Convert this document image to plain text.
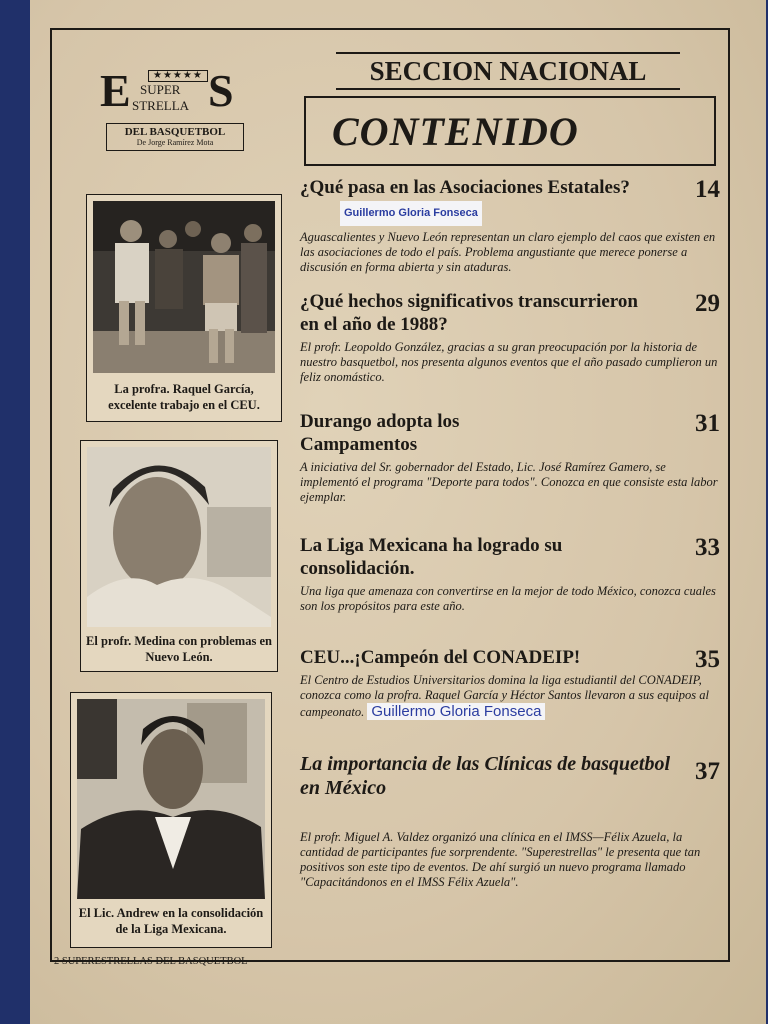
E	★★★★★
SUPER
STRELLA S
DEL BASQUETBOL
De Jorge Ramírez Mota
SECCION NACIONAL
CONTENIDO
La profra. Raquel García, excelente trabajo en el CEU.
El profr. Medina con problemas en Nuevo León.
El Lic. Andrew en la consolidación de la Liga Mexicana.
14
¿Qué pasa en las Asociaciones Estatales? Guillermo Gloria Fonseca

Aguascalientes y Nuevo León representan un claro ejemplo del caos que existen en las asociaciones de todo el país. Problema angustiante que merece ponerse a discusión en forma abierta y sin ataduras.

29
¿Qué hechos significativos transcurrieron en el año de 1988?

El profr. Leopoldo González, gracias a su gran preocupación por la historia de nuestro basquetbol, nos presenta algunos eventos que el año pasado cumplieron un feliz onomástico.

31
Durango adopta los Campamentos

A iniciativa del Sr. gobernador del Estado, Lic. José Ramírez Gamero, se implementó el programa "Deporte para todos". Conozca en que consiste esta labor ejemplar.

33
La Liga Mexicana ha logrado su consolidación.

Una liga que amenaza con convertirse en la mejor de todo México, conozca cuales son los propósitos para este año.

35
CEU...¡Campeón del CONADEIP!

El Centro de Estudios Universitarios domina la liga estudiantil del CONADEIP, conozca como la profra. Raquel García y Héctor Santos llevaron a sus equipos al campeonato. Guillermo Gloria Fonseca

37
La importancia de las Clínicas de basquetbol en México

El profr. Miguel A. Valdez organizó una clínica en el IMSS—Félix Azuela, la cantidad de participantes fue sorprendente. "Superestrellas" le presenta que tan positivos son este tipo de eventos. De ahí surgió un nuevo programa llamado "Capacitándonos en el IMSS Félix Azuela".

2 SUPERESTRELLAS DEL BASQUETBOL
